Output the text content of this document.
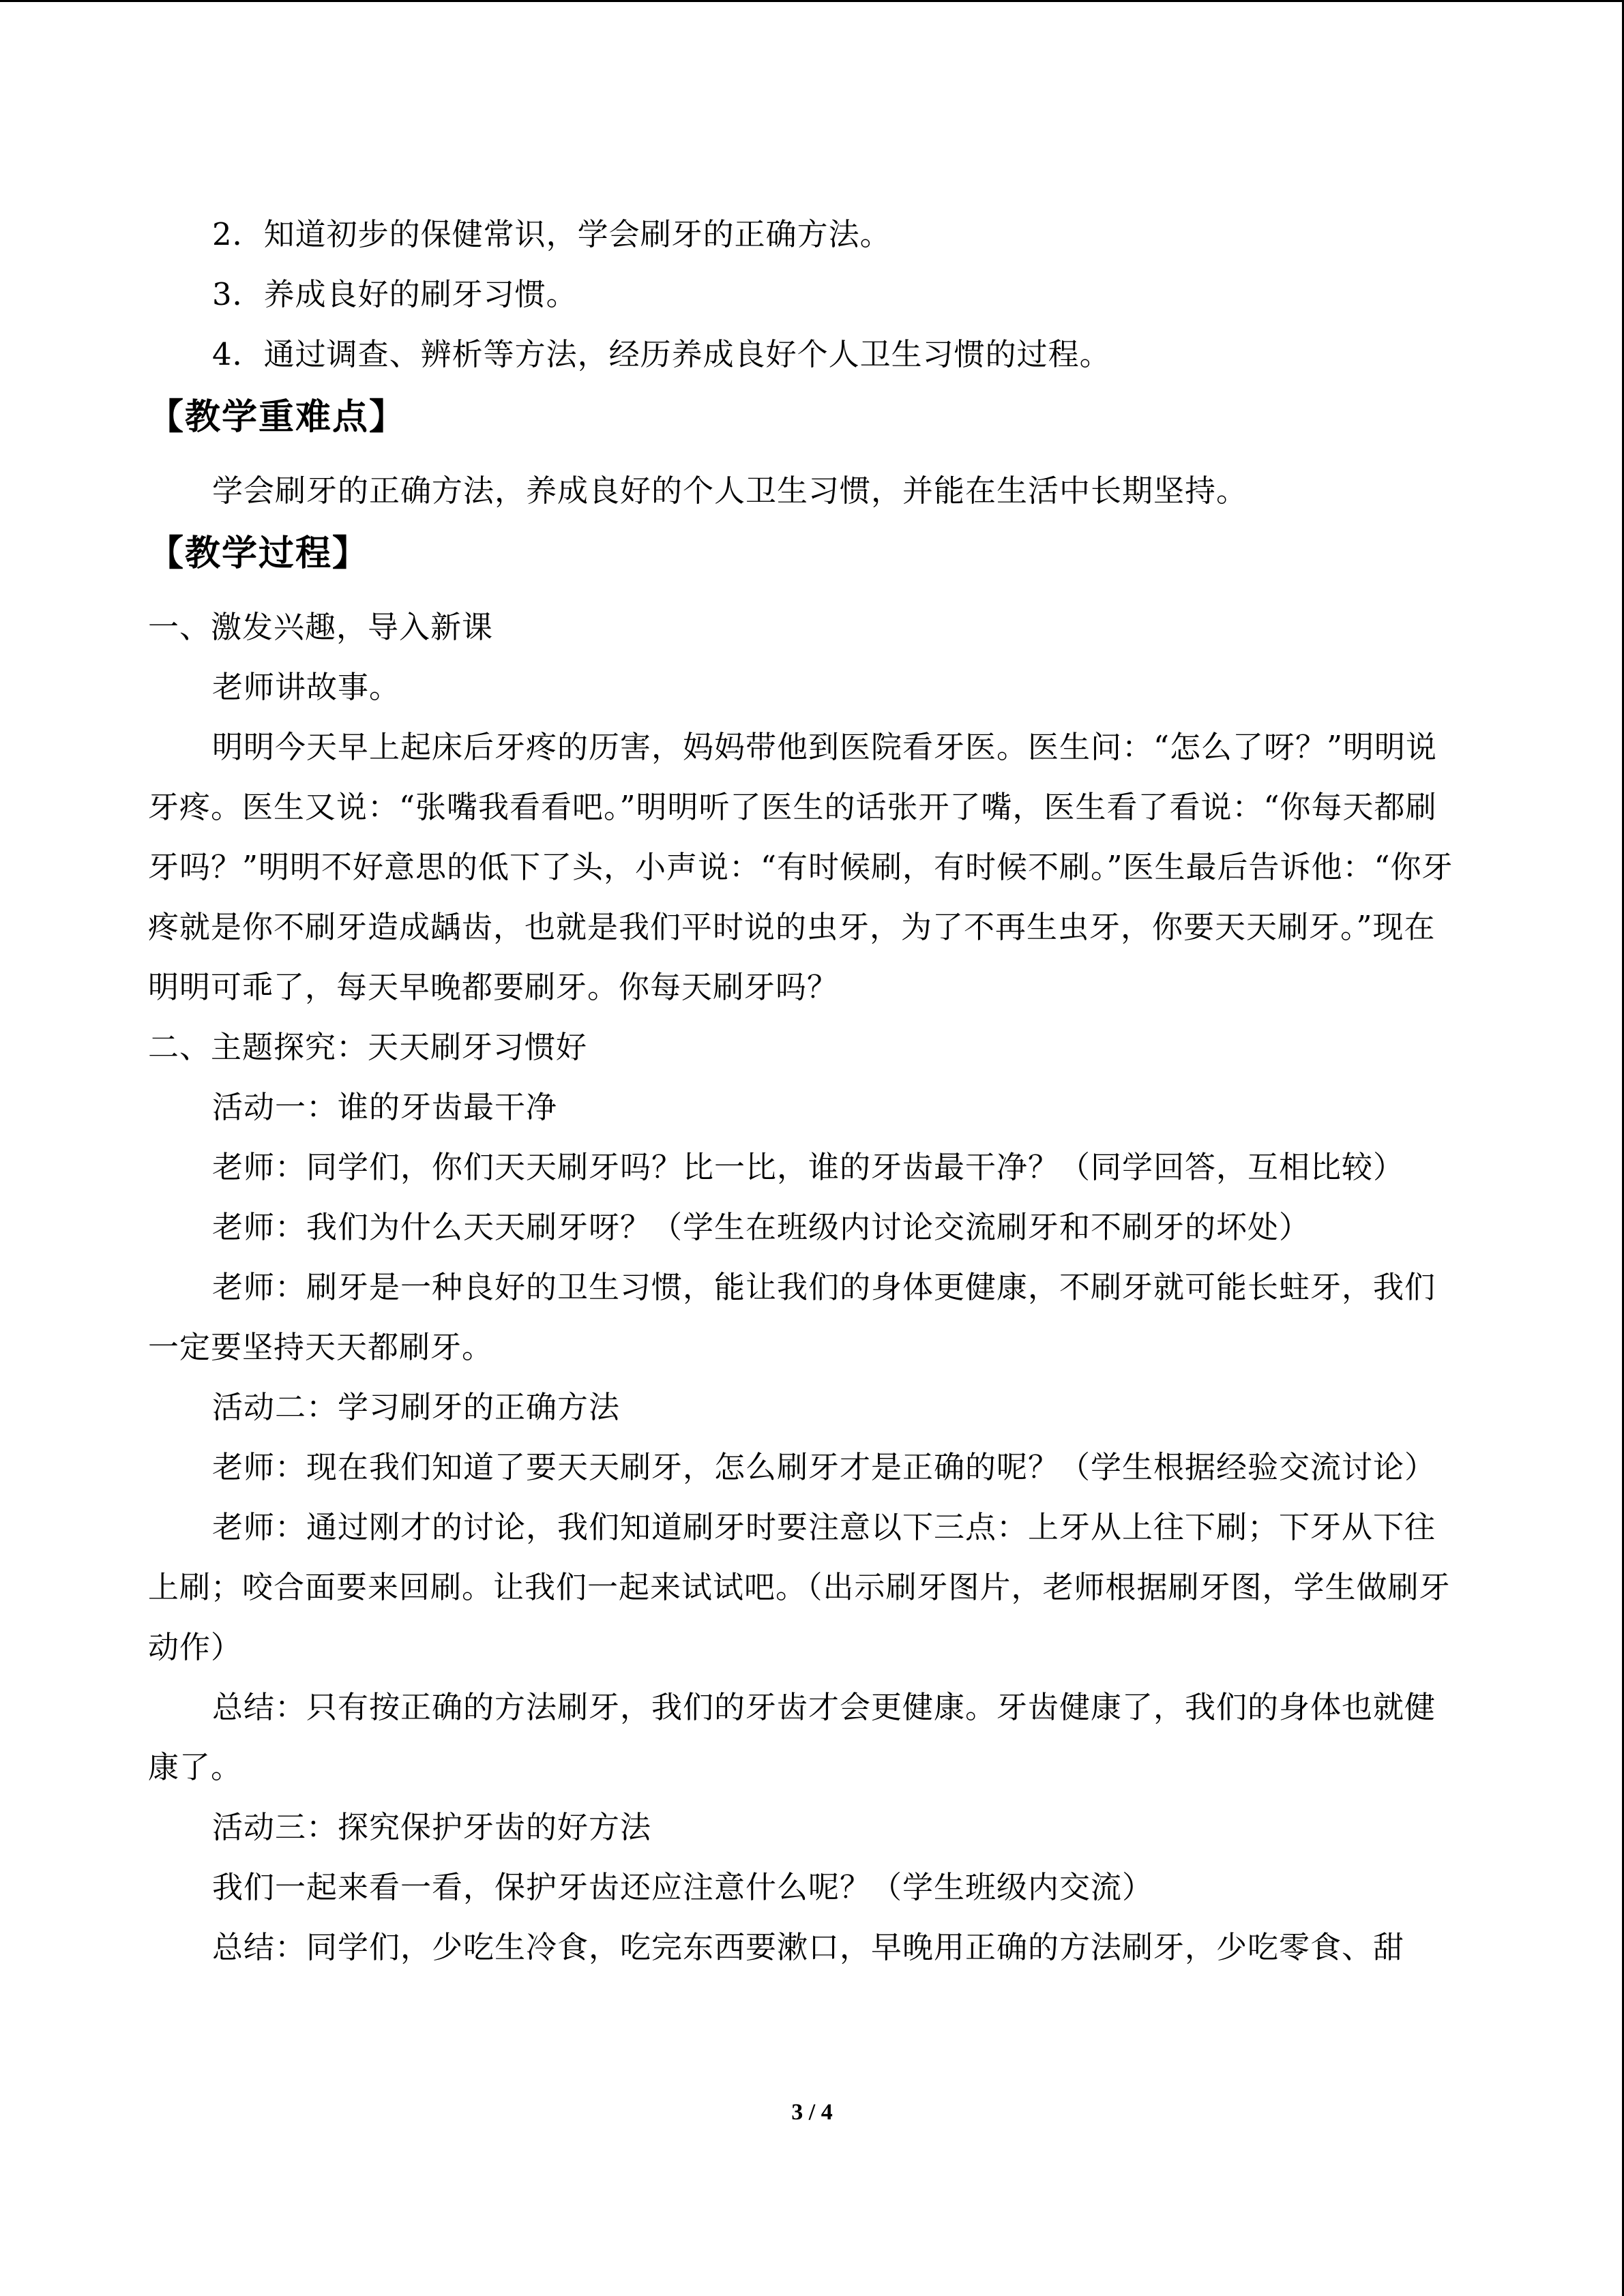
2．知道初步的保健常识，学会刷牙的正确方法。

3．养成良好的刷牙习惯。

4．通过调查、辨析等方法，经历养成良好个人卫生习惯的过程。

【教学重难点】

学会刷牙的正确方法，养成良好的个人卫生习惯，并能在生活中长期坚持。

【教学过程】

一、激发兴趣，导入新课

老师讲故事。

明明今天早上起床后牙疼的历害，妈妈带他到医院看牙医。医生问：“怎么了呀？”明明说牙疼。医生又说：“张嘴我看看吧。”明明听了医生的话张开了嘴，医生看了看说：“你每天都刷牙吗？”明明不好意思的低下了头，小声说：“有时候刷，有时候不刷。”医生最后告诉他：“你牙疼就是你不刷牙造成龋齿，也就是我们平时说的虫牙，为了不再生虫牙，你要天天刷牙。”现在明明可乖了，每天早晚都要刷牙。你每天刷牙吗？

二、主题探究：天天刷牙习惯好

活动一：谁的牙齿最干净

老师：同学们，你们天天刷牙吗？比一比，谁的牙齿最干净？（同学回答，互相比较）

老师：我们为什么天天刷牙呀？（学生在班级内讨论交流刷牙和不刷牙的坏处）

老师：刷牙是一种良好的卫生习惯，能让我们的身体更健康，不刷牙就可能长蛀牙，我们一定要坚持天天都刷牙。

活动二：学习刷牙的正确方法

老师：现在我们知道了要天天刷牙，怎么刷牙才是正确的呢？（学生根据经验交流讨论）

老师：通过刚才的讨论，我们知道刷牙时要注意以下三点：上牙从上往下刷；下牙从下往上刷；咬合面要来回刷。让我们一起来试试吧。（出示刷牙图片，老师根据刷牙图，学生做刷牙动作）

总结：只有按正确的方法刷牙，我们的牙齿才会更健康。牙齿健康了，我们的身体也就健康了。

活动三：探究保护牙齿的好方法

我们一起来看一看，保护牙齿还应注意什么呢？（学生班级内交流）

总结：同学们，少吃生冷食，吃完东西要漱口，早晚用正确的方法刷牙，少吃零食、甜

3 / 4
